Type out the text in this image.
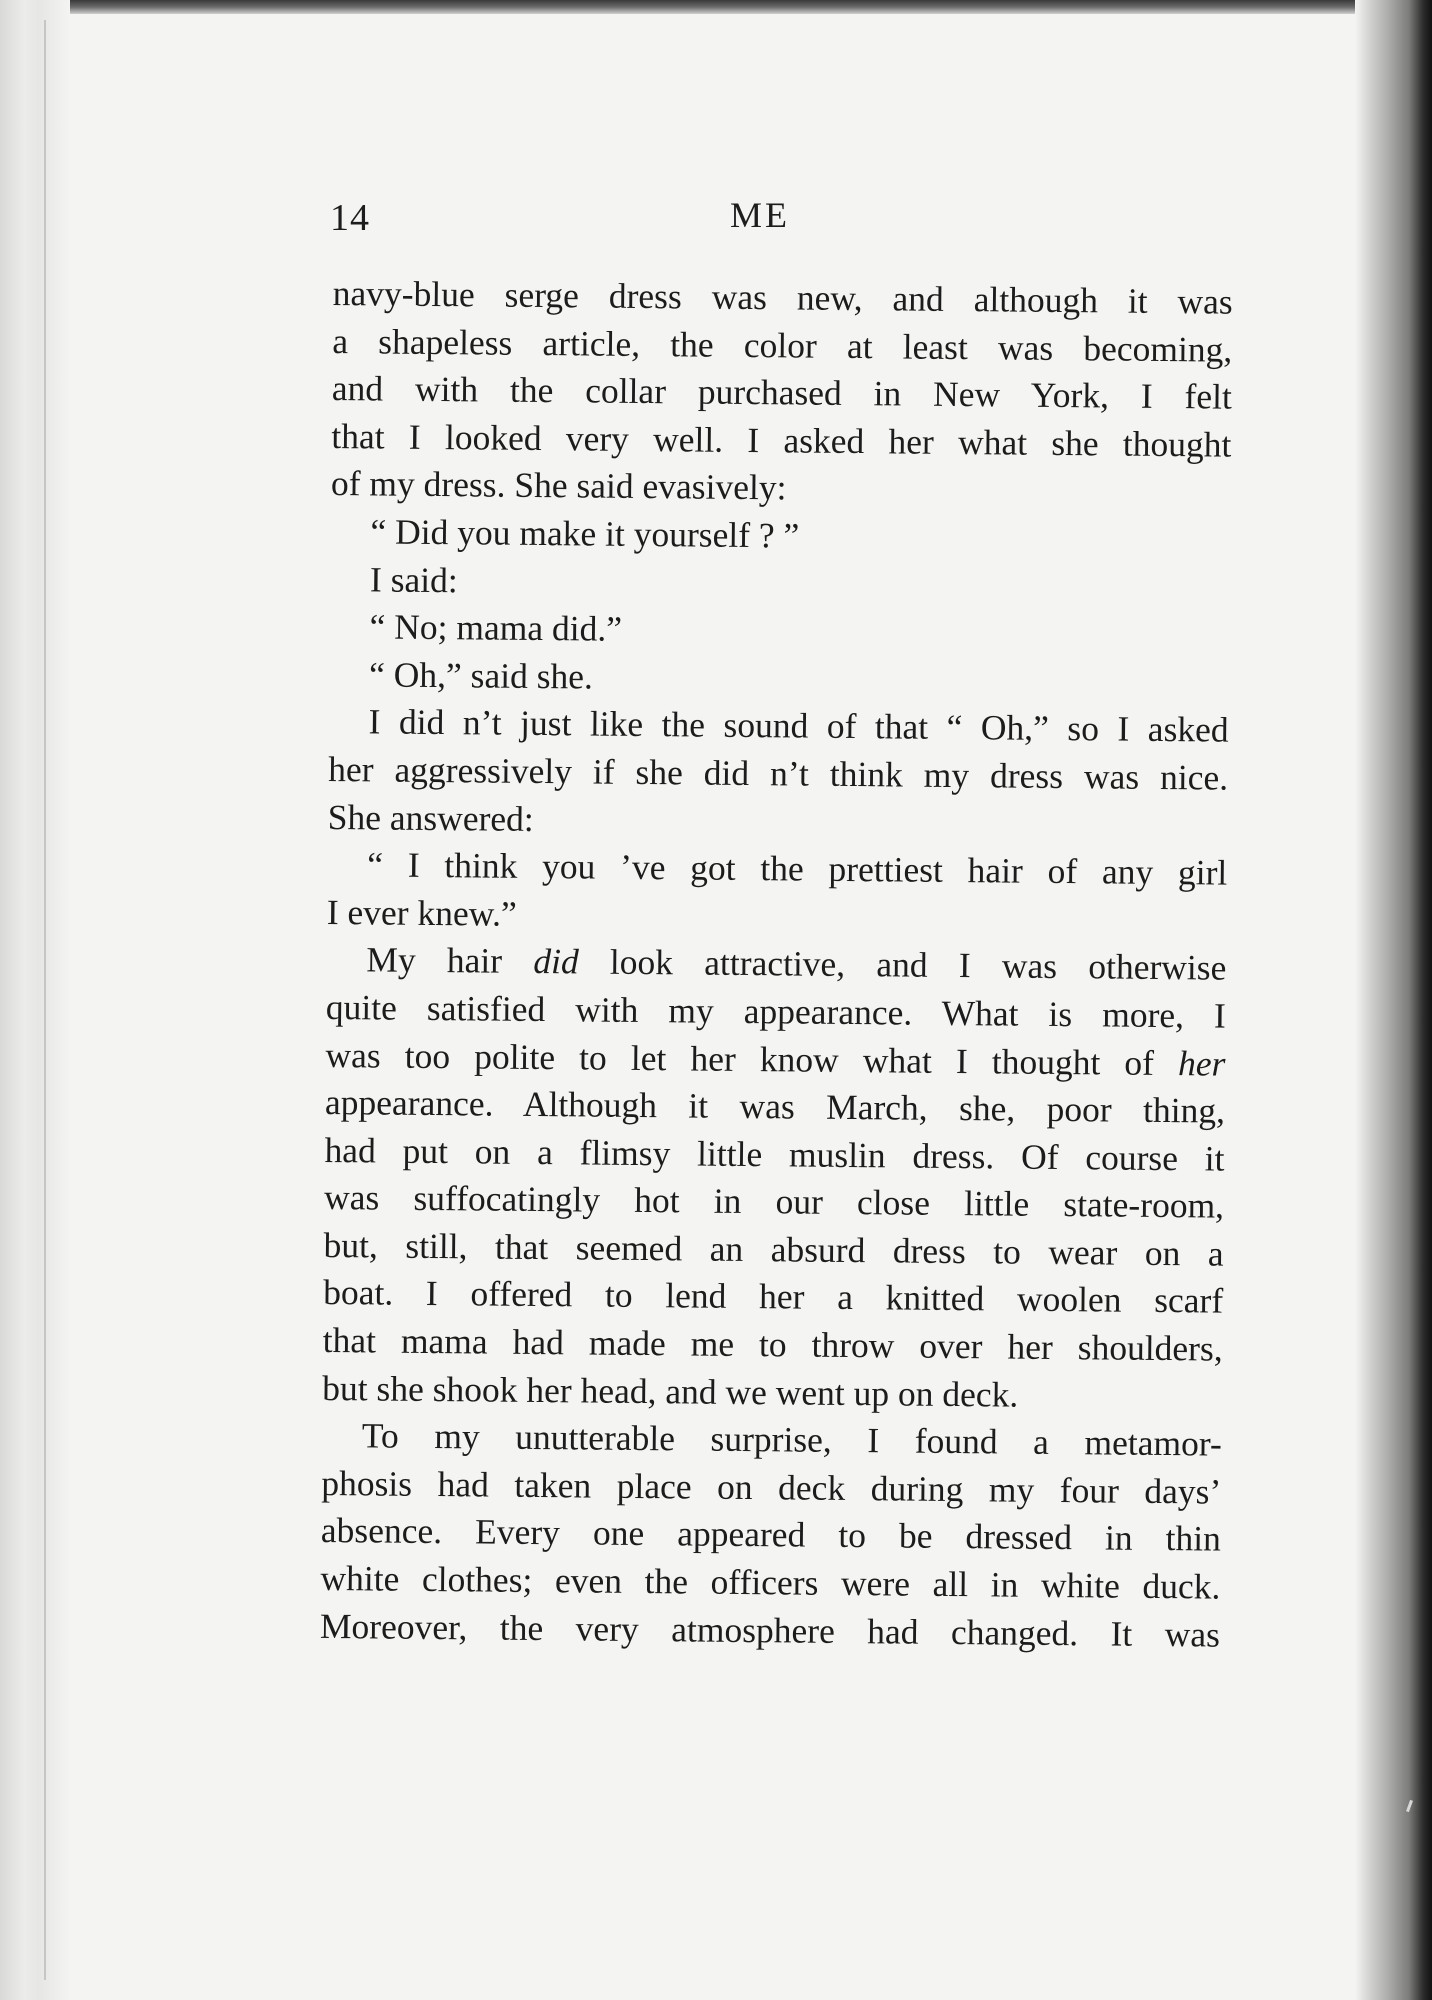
14	ME
navy-blue serge dress was new, and although it was
a shapeless article, the color at least was becoming,
and with the collar purchased in New York, I felt
that I looked very well. I asked her what she thought
of my dress. She said evasively:
“ Did you make it yourself ? ”
I said:
“ No; mama did.”
“ Oh,” said she.
I did n’t just like the sound of that “ Oh,” so I asked
her aggressively if she did n’t think my dress was nice.
She answered:
“ I think you ’ve got the prettiest hair of any girl
I ever knew.”
My hair did look attractive, and I was otherwise
quite satisfied with my appearance. What is more, I
was too polite to let her know what I thought of her
appearance. Although it was March, she, poor thing,
had put on a flimsy little muslin dress. Of course it
was suffocatingly hot in our close little state-room,
but, still, that seemed an absurd dress to wear on a
boat. I offered to lend her a knitted woolen scarf
that mama had made me to throw over her shoulders,
but she shook her head, and we went up on deck.
To my unutterable surprise, I found a metamor-
phosis had taken place on deck during my four days’
absence. Every one appeared to be dressed in thin
white clothes; even the officers were all in white duck.
Moreover, the very atmosphere had changed. It was
